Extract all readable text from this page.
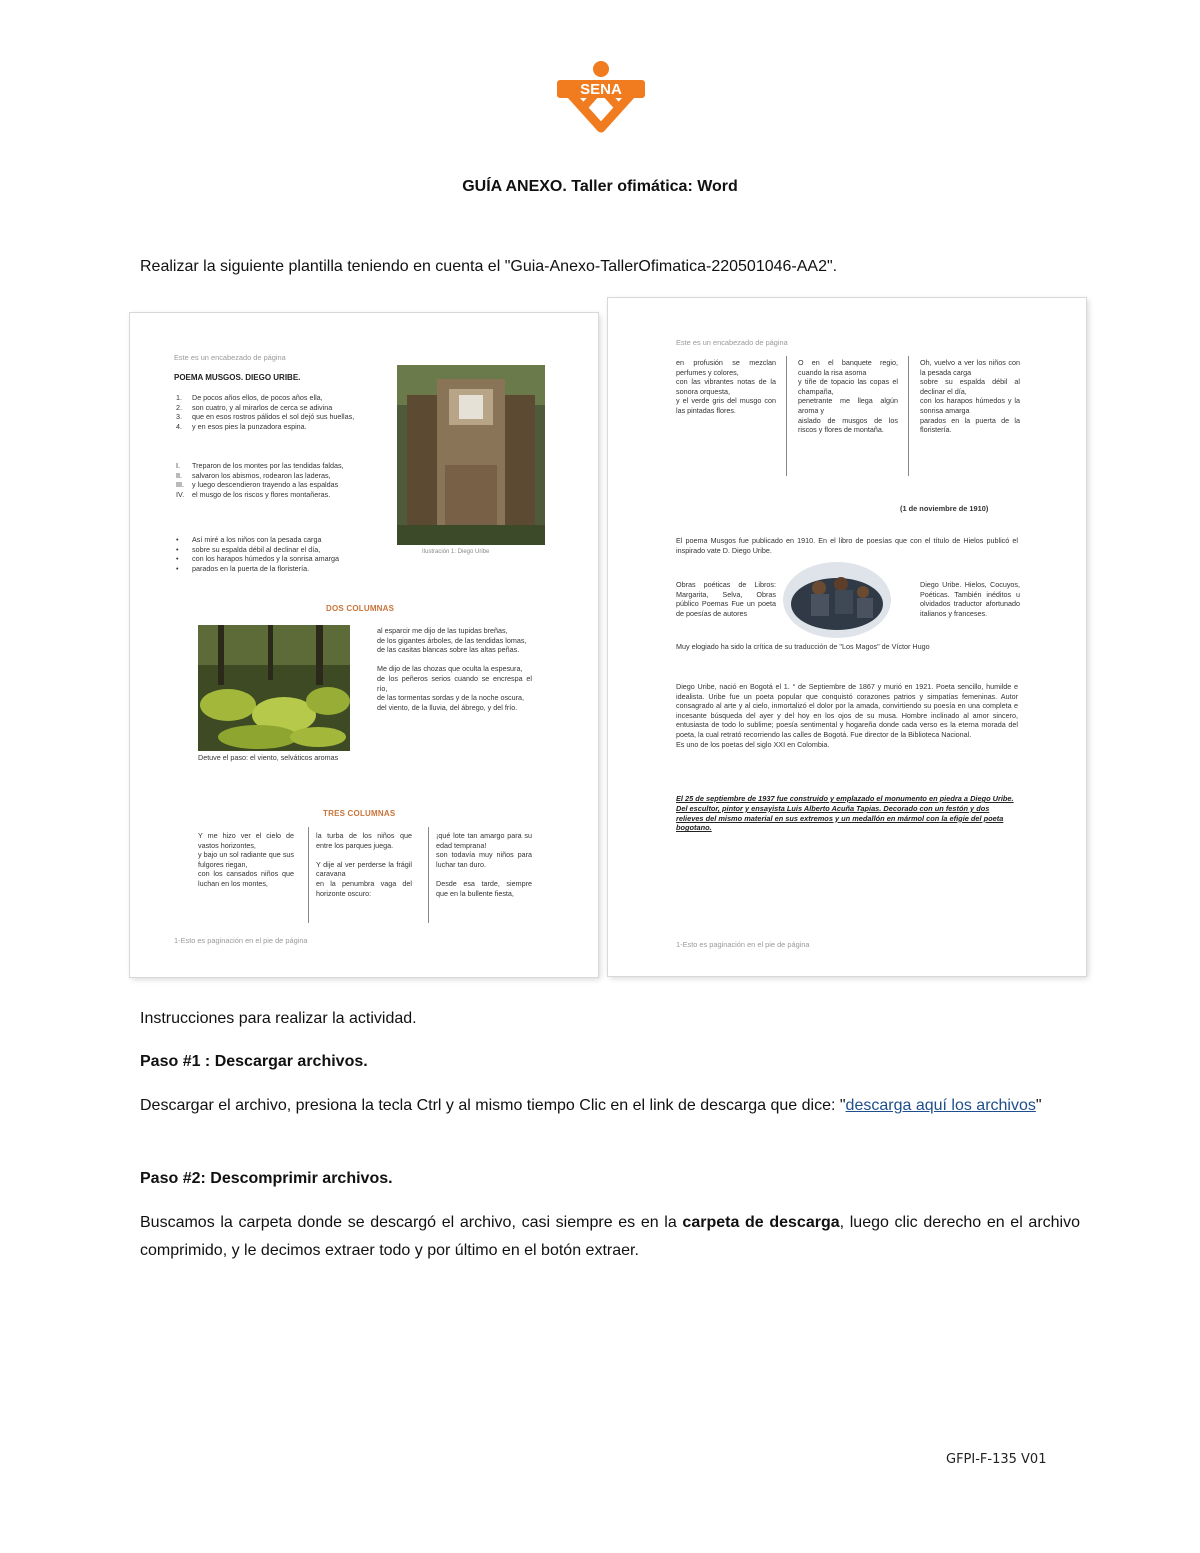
SENA
GUÍA ANEXO. Taller ofimática: Word
Realizar la siguiente plantilla teniendo en cuenta el "Guia-Anexo-TallerOfimatica-220501046-AA2".
Este es un encabezado de página
POEMA MUSGOS. DIEGO URIBE.
1. De pocos años ellos, de pocos años ella,
2. son cuatro, y al mirarlos de cerca se adivina
3. que en esos rostros pálidos el sol dejó sus huellas,
4. y en esos pies la punzadora espina.
I. Treparon de los montes por las tendidas faldas,
II. salvaron los abismos, rodearon las laderas,
III. y luego descendieron trayendo a las espaldas
IV. el musgo de los riscos y flores montañeras.
• Así miré a los niños con la pesada carga
• sobre su espalda débil al declinar el día,
• con los harapos húmedos y la sonrisa amarga
• parados en la puerta de la floristería.
Ilustración 1: Diego Uribe
DOS COLUMNAS
Detuve el paso: el viento, selváticos aromas
al esparcir me dijo de las tupidas breñas,
de los gigantes árboles, de las tendidas lomas,
de las casitas blancas sobre las altas peñas.

Me dijo de las chozas que oculta la espesura,
de los peñeros serios cuando se encrespa el río,
de las tormentas sordas y de la noche oscura,
del viento, de la lluvia, del ábrego, y del frío.
TRES COLUMNAS
Y me hizo ver el cielo de vastos horizontes,
y bajo un sol radiante que sus fulgores riegan,
con los cansados niños que luchan en los montes,
la turba de los niños que entre los parques juega.

Y dije al ver perderse la frágil caravana
en la penumbra vaga del horizonte oscuro:
¡qué lote tan amargo para su edad temprana!
son todavía muy niños para luchar tan duro.

Desde esa tarde, siempre que en la bullente fiesta,
1-Esto es paginación en el pie de página
Este es un encabezado de página
en profusión se mezclan perfumes y colores,
con las vibrantes notas de la sonora orquesta,
y el verde gris del musgo con las pintadas flores.
O en el banquete regio, cuando la risa asoma
y tiñe de topacio las copas el champaña,
penetrante me llega algún aroma y
aislado de musgos de los riscos y flores de montaña.
Oh, vuelvo a ver los niños con la pesada carga
sobre su espalda débil al declinar el día,
con los harapos húmedos y la sonrisa amarga
parados en la puerta de la floristería.
(1 de noviembre de 1910)
El poema Musgos fue publicado en 1910. En el libro de poesías que con el título de Hielos publicó el inspirado vate D. Diego Uribe.
Obras poéticas de Libros: Margarita, Selva, Obras público Poemas Fue un poeta de poesías de autores
Diego Uribe. Hielos, Cocuyos, Poéticas. También inéditos u olvidados traductor afortunado italianos y franceses.
Muy elogiado ha sido la crítica de su traducción de "Los Magos" de Víctor Hugo
Diego Uribe, nació en Bogotá el 1. ° de Septiembre de 1867 y murió en 1921. Poeta sencillo, humilde e idealista. Uribe fue un poeta popular que conquistó corazones patrios y simpatías femeninas. Autor consagrado al arte y al cielo, inmortalizó el dolor por la amada, convirtiendo su poesía en una completa e incesante búsqueda del ayer y del hoy en los ojos de su musa. Hombre inclinado al amor sincero, entusiasta de todo lo sublime; poesía sentimental y hogareña donde cada verso es la eterna morada del poeta, la cual retrató recorriendo las calles de Bogotá. Fue director de la Biblioteca Nacional.
Es uno de los poetas del siglo XXI en Colombia.
El 25 de septiembre de 1937 fue construido y emplazado el monumento en piedra a Diego Uribe. Del escultor, pintor y ensayista Luis Alberto Acuña Tapias. Decorado con un festón y dos relieves del mismo material en sus extremos y un medallón en mármol con la efigie del poeta bogotano.
1-Esto es paginación en el pie de página
Instrucciones para realizar la actividad.
Paso #1 : Descargar archivos.
Descargar el archivo, presiona la tecla Ctrl y al mismo tiempo Clic en el link de descarga que dice: "descarga aquí los archivos"
Paso #2: Descomprimir archivos.
Buscamos la carpeta donde se descargó el archivo, casi siempre es en la carpeta de descarga, luego clic derecho en el archivo comprimido, y le decimos extraer todo y por último en el botón extraer.
GFPI-F-135 V01
